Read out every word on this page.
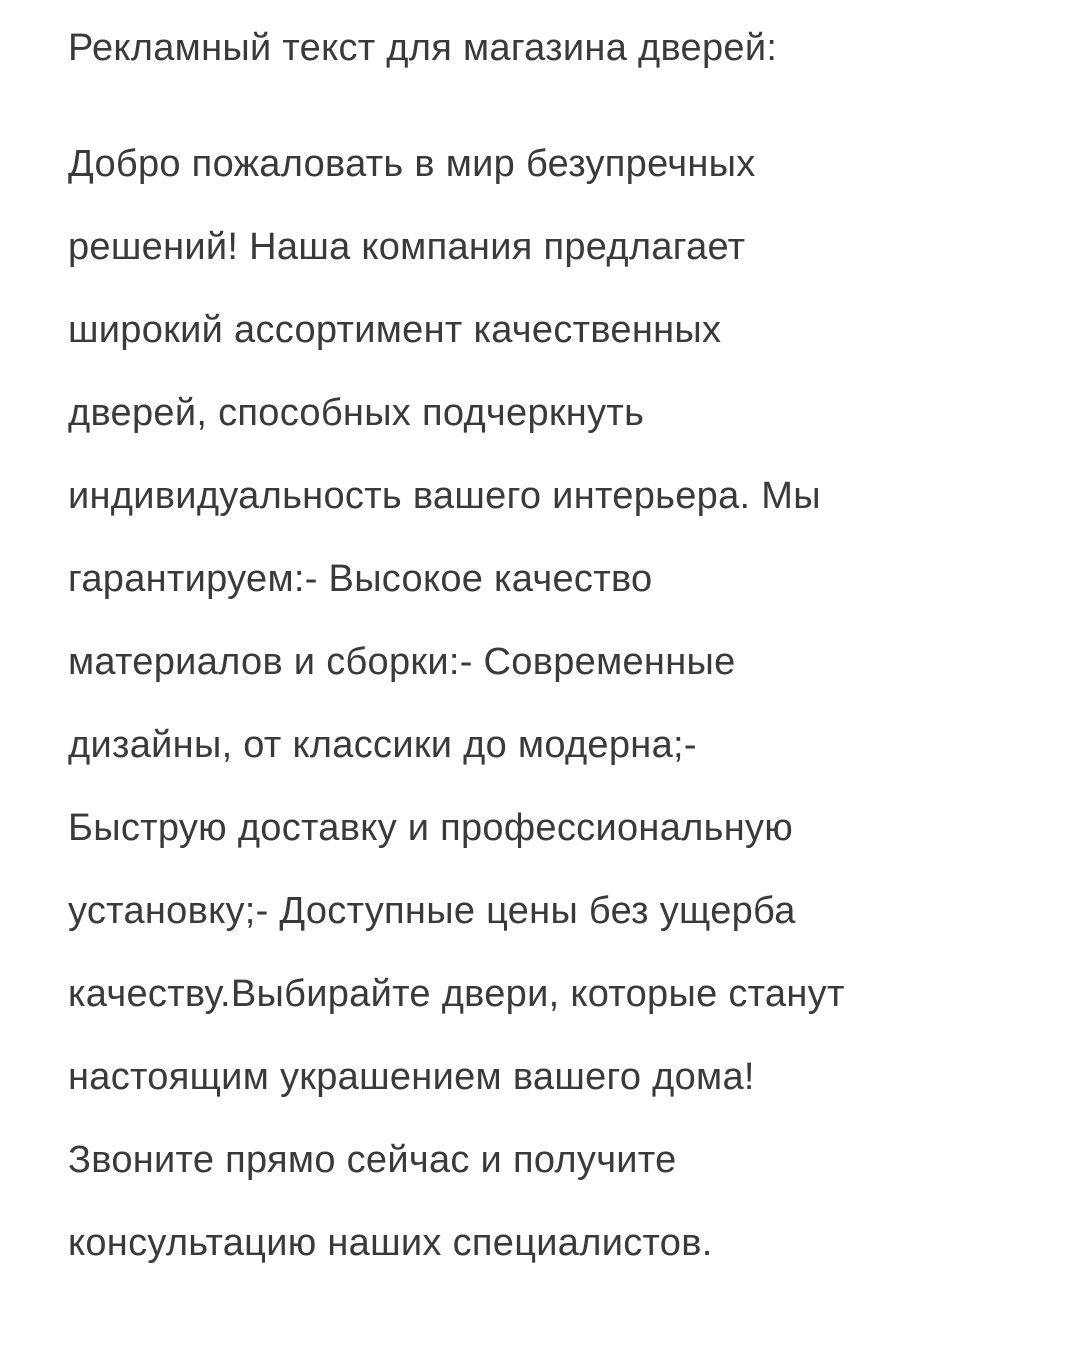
Рекламный текст для магазина дверей:
Добро пожаловать в мир безупречных
решений! Наша компания предлагает
широкий ассортимент качественных
дверей, способных подчеркнуть
индивидуальность вашего интерьера. Мы
гарантируем:- Высокое качество
материалов и сборки:- Современные
дизайны, от классики до модерна;-
Быструю доставку и профессиональную
установку;- Доступные цены без ущерба
качеству.Выбирайте двери, которые станут
настоящим украшением вашего дома!
Звоните прямо сейчас и получите
консультацию наших специалистов.
